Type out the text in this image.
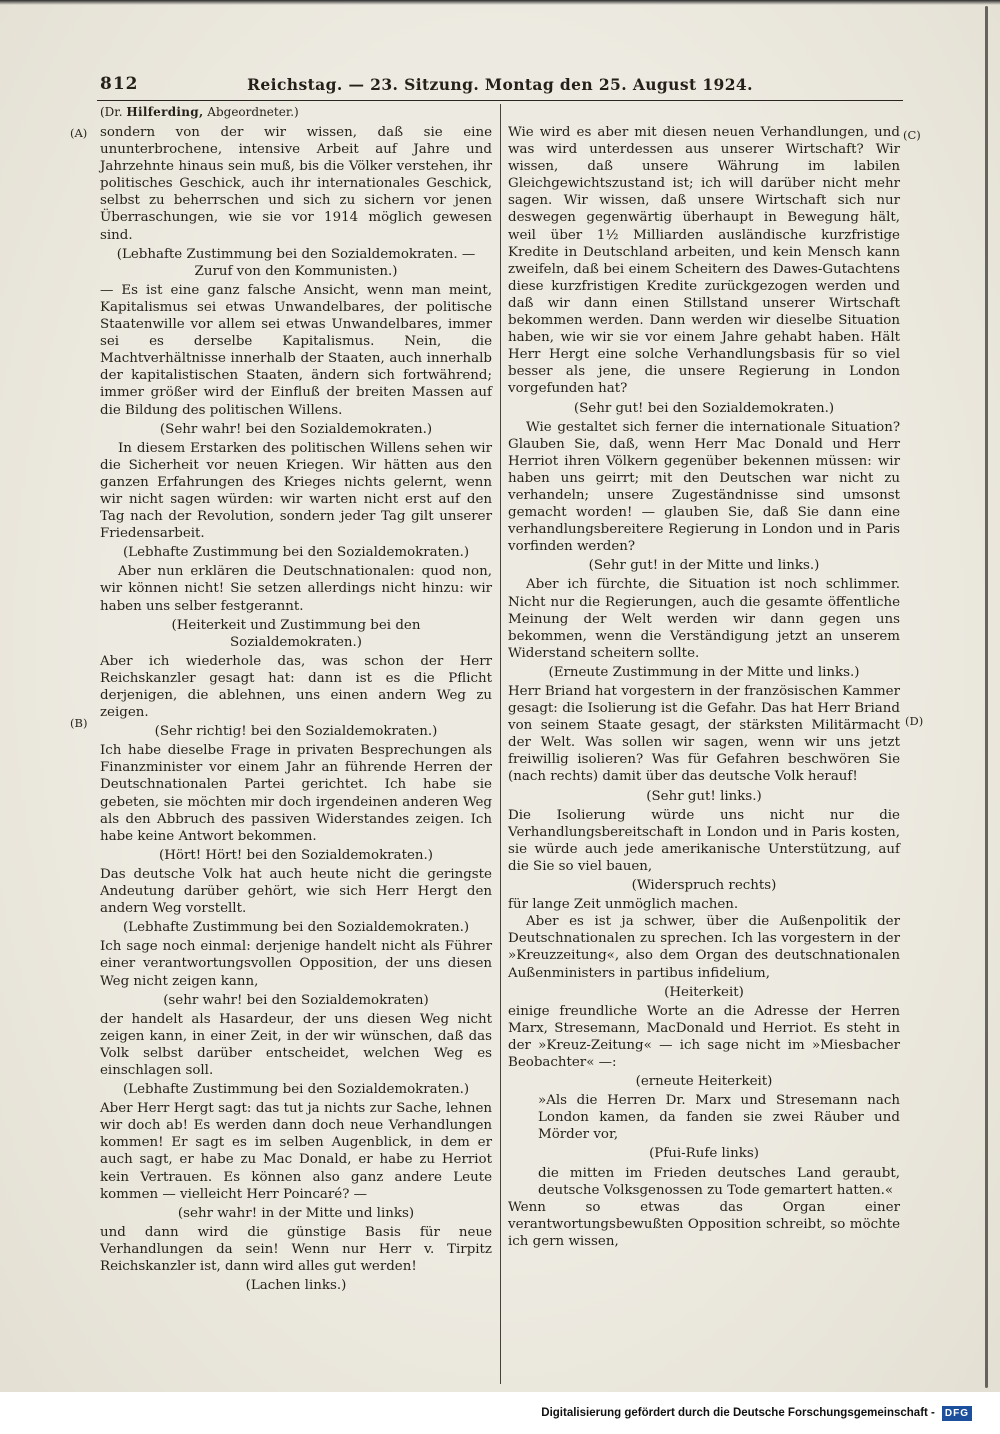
812	Reichstag. — 23. Sitzung. Montag den 25. August 1924.
(Dr. Hilferding, Abgeordneter.)
(A)
(B)
(C)
(D)
sondern von der wir wissen, daß sie eine ununterbrochene, intensive Arbeit auf Jahre und Jahrzehnte hinaus sein muß, bis die Völker verstehen, ihr politisches Geschick, auch ihr internationales Geschick, selbst zu beherrschen und sich zu sichern vor jenen Überraschungen, wie sie vor 1914 möglich gewesen sind.
(Lebhafte Zustimmung bei den Sozialdemokraten. — Zuruf von den Kommunisten.)
— Es ist eine ganz falsche Ansicht, wenn man meint, Kapitalismus sei etwas Unwandelbares, der politische Staatenwille vor allem sei etwas Unwandelbares, immer sei es derselbe Kapitalismus. Nein, die Machtverhältnisse innerhalb der Staaten, auch innerhalb der kapitalistischen Staaten, ändern sich fortwährend; immer größer wird der Einfluß der breiten Massen auf die Bildung des politischen Willens.
(Sehr wahr! bei den Sozialdemokraten.)
In diesem Erstarken des politischen Willens sehen wir die Sicherheit vor neuen Kriegen. Wir hätten aus den ganzen Erfahrungen des Krieges nichts gelernt, wenn wir nicht sagen würden: wir warten nicht erst auf den Tag nach der Revolution, sondern jeder Tag gilt unserer Friedensarbeit.
(Lebhafte Zustimmung bei den Sozialdemokraten.)
Aber nun erklären die Deutschnationalen: quod non, wir können nicht! Sie setzen allerdings nicht hinzu: wir haben uns selber festgerannt.
(Heiterkeit und Zustimmung bei den Sozialdemokraten.)
Aber ich wiederhole das, was schon der Herr Reichskanzler gesagt hat: dann ist es die Pflicht derjenigen, die ablehnen, uns einen andern Weg zu zeigen.
(Sehr richtig! bei den Sozialdemokraten.)
Ich habe dieselbe Frage in privaten Besprechungen als Finanzminister vor einem Jahr an führende Herren der Deutschnationalen Partei gerichtet. Ich habe sie gebeten, sie möchten mir doch irgendeinen anderen Weg als den Abbruch des passiven Widerstandes zeigen. Ich habe keine Antwort bekommen.
(Hört! Hört! bei den Sozialdemokraten.)
Das deutsche Volk hat auch heute nicht die geringste Andeutung darüber gehört, wie sich Herr Hergt den andern Weg vorstellt.
(Lebhafte Zustimmung bei den Sozialdemokraten.)
Ich sage noch einmal: derjenige handelt nicht als Führer einer verantwortungsvollen Opposition, der uns diesen Weg nicht zeigen kann,
(sehr wahr! bei den Sozialdemokraten)
der handelt als Hasardeur, der uns diesen Weg nicht zeigen kann, in einer Zeit, in der wir wünschen, daß das Volk selbst darüber entscheidet, welchen Weg es einschlagen soll.
(Lebhafte Zustimmung bei den Sozialdemokraten.)
Aber Herr Hergt sagt: das tut ja nichts zur Sache, lehnen wir doch ab! Es werden dann doch neue Verhandlungen kommen! Er sagt es im selben Augenblick, in dem er auch sagt, er habe zu Mac Donald, er habe zu Herriot kein Vertrauen. Es können also ganz andere Leute kommen — vielleicht Herr Poincaré? —
(sehr wahr! in der Mitte und links)
und dann wird die günstige Basis für neue Verhandlungen da sein! Wenn nur Herr v. Tirpitz Reichskanzler ist, dann wird alles gut werden!
(Lachen links.)
Wie wird es aber mit diesen neuen Verhandlungen, und was wird unterdessen aus unserer Wirtschaft? Wir wissen, daß unsere Währung im labilen Gleichgewichtszustand ist; ich will darüber nicht mehr sagen. Wir wissen, daß unsere Wirtschaft sich nur deswegen gegenwärtig überhaupt in Bewegung hält, weil über 1½ Milliarden ausländische kurzfristige Kredite in Deutschland arbeiten, und kein Mensch kann zweifeln, daß bei einem Scheitern des Dawes-Gutachtens diese kurzfristigen Kredite zurückgezogen werden und daß wir dann einen Stillstand unserer Wirtschaft bekommen werden. Dann werden wir dieselbe Situation haben, wie wir sie vor einem Jahre gehabt haben. Hält Herr Hergt eine solche Verhandlungsbasis für so viel besser als jene, die unsere Regierung in London vorgefunden hat?
(Sehr gut! bei den Sozialdemokraten.)
Wie gestaltet sich ferner die internationale Situation? Glauben Sie, daß, wenn Herr Mac Donald und Herr Herriot ihren Völkern gegenüber bekennen müssen: wir haben uns geirrt; mit den Deutschen war nicht zu verhandeln; unsere Zugeständnisse sind umsonst gemacht worden! — glauben Sie, daß Sie dann eine verhandlungsbereitere Regierung in London und in Paris vorfinden werden?
(Sehr gut! in der Mitte und links.)
Aber ich fürchte, die Situation ist noch schlimmer. Nicht nur die Regierungen, auch die gesamte öffentliche Meinung der Welt werden wir dann gegen uns bekommen, wenn die Verständigung jetzt an unserem Widerstand scheitern sollte.
(Erneute Zustimmung in der Mitte und links.)
Herr Briand hat vorgestern in der französischen Kammer gesagt: die Isolierung ist die Gefahr. Das hat Herr Briand von seinem Staate gesagt, der stärksten Militärmacht der Welt. Was sollen wir sagen, wenn wir uns jetzt freiwillig isolieren? Was für Gefahren beschwören Sie (nach rechts) damit über das deutsche Volk herauf!
(Sehr gut! links.)
Die Isolierung würde uns nicht nur die Verhandlungsbereitschaft in London und in Paris kosten, sie würde auch jede amerikanische Unterstützung, auf die Sie so viel bauen,
(Widerspruch rechts)
für lange Zeit unmöglich machen.
Aber es ist ja schwer, über die Außenpolitik der Deutschnationalen zu sprechen. Ich las vorgestern in der »Kreuzzeitung«, also dem Organ des deutschnationalen Außenministers in partibus infidelium,
(Heiterkeit)
einige freundliche Worte an die Adresse der Herren Marx, Stresemann, MacDonald und Herriot. Es steht in der »Kreuz-Zeitung« — ich sage nicht im »Miesbacher Beobachter« —:
(erneute Heiterkeit)
»Als die Herren Dr. Marx und Stresemann nach London kamen, da fanden sie zwei Räuber und Mörder vor,
(Pfui-Rufe links)
die mitten im Frieden deutsches Land geraubt, deutsche Volksgenossen zu Tode gemartert hatten.«
Wenn so etwas das Organ einer verantwortungsbewußten Opposition schreibt, so möchte ich gern wissen,
Digitalisierung gefördert durch die Deutsche Forschungsgemeinschaft -	DFG
